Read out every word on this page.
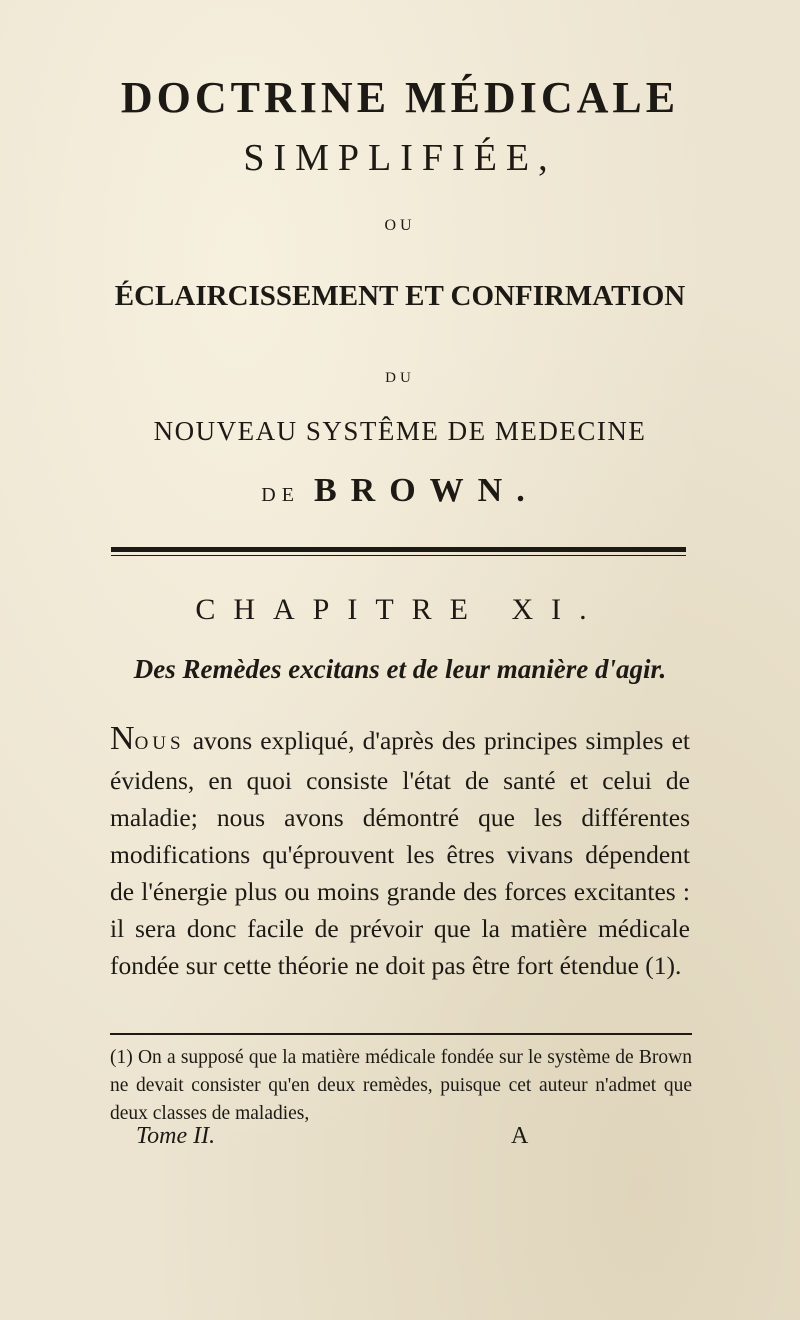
DOCTRINE MÉDICALE
SIMPLIFIÉE,
OU
ÉCLAIRCISSEMENT ET CONFIRMATION
DU
NOUVEAU SYSTÊME DE MEDECINE
DE BROWN.
CHAPITRE XI.
Des Remèdes excitans et de leur manière d'agir.

NOUS avons expliqué, d'après des principes simples et évidens, en quoi consiste l'état de santé et celui de maladie; nous avons démontré que les différentes modifications qu'éprouvent les êtres vivans dépendent de l'énergie plus ou moins grande des forces excitantes : il sera donc facile de prévoir que la matière médicale fondée sur cette théorie ne doit pas être fort étendue (1).

(1) On a supposé que la matière médicale fondée sur le système de Brown ne devait consister qu'en deux remèdes, puisque cet auteur n'admet que deux classes de maladies,

Tome II.	A
